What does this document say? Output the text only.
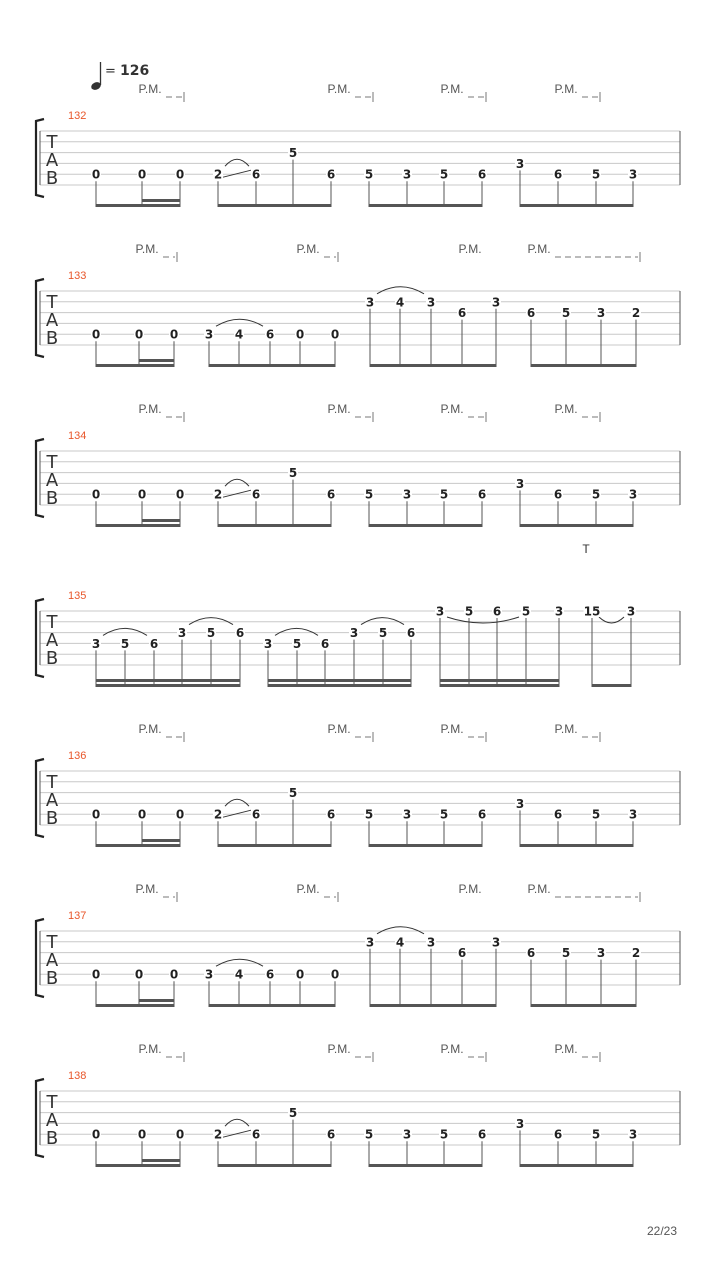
= 126
P.M.	P.M.	P.M.	P.M.
132
T
A
B	0	0 0 2 6
5
6 5 3 5 6
3
6 5 3
P.M.	P.M.	P.M.	P.M.
133
T
A
B	0	0 0 3 4 6 0 0
3 4 3
6
3
6 5 3 2
P.M.	P.M.	P.M.	P.M.
134
T
A
B	0	0 0 2 6
5
6 5 3 5 6
3
6 5 3
T
135
T
A
B
3 5 6
3 5 6
3 5 6
3 5 6
3 5 6 5 3 15 3
P.M.	P.M.	P.M.	P.M.
136
T
A
B	0	0 0 2 6
5
6 5 3 5 6
3
6 5 3
P.M.	P.M.	P.M.	P.M.
137
T
A
B	0	0 0 3 4 6 0 0
3 4 3
6
3
6 5 3 2
P.M.	P.M.	P.M.	P.M.
138
T
A
B	0	0 0 2 6
5
6 5 3 5 6
3
6 5 3
22/23
